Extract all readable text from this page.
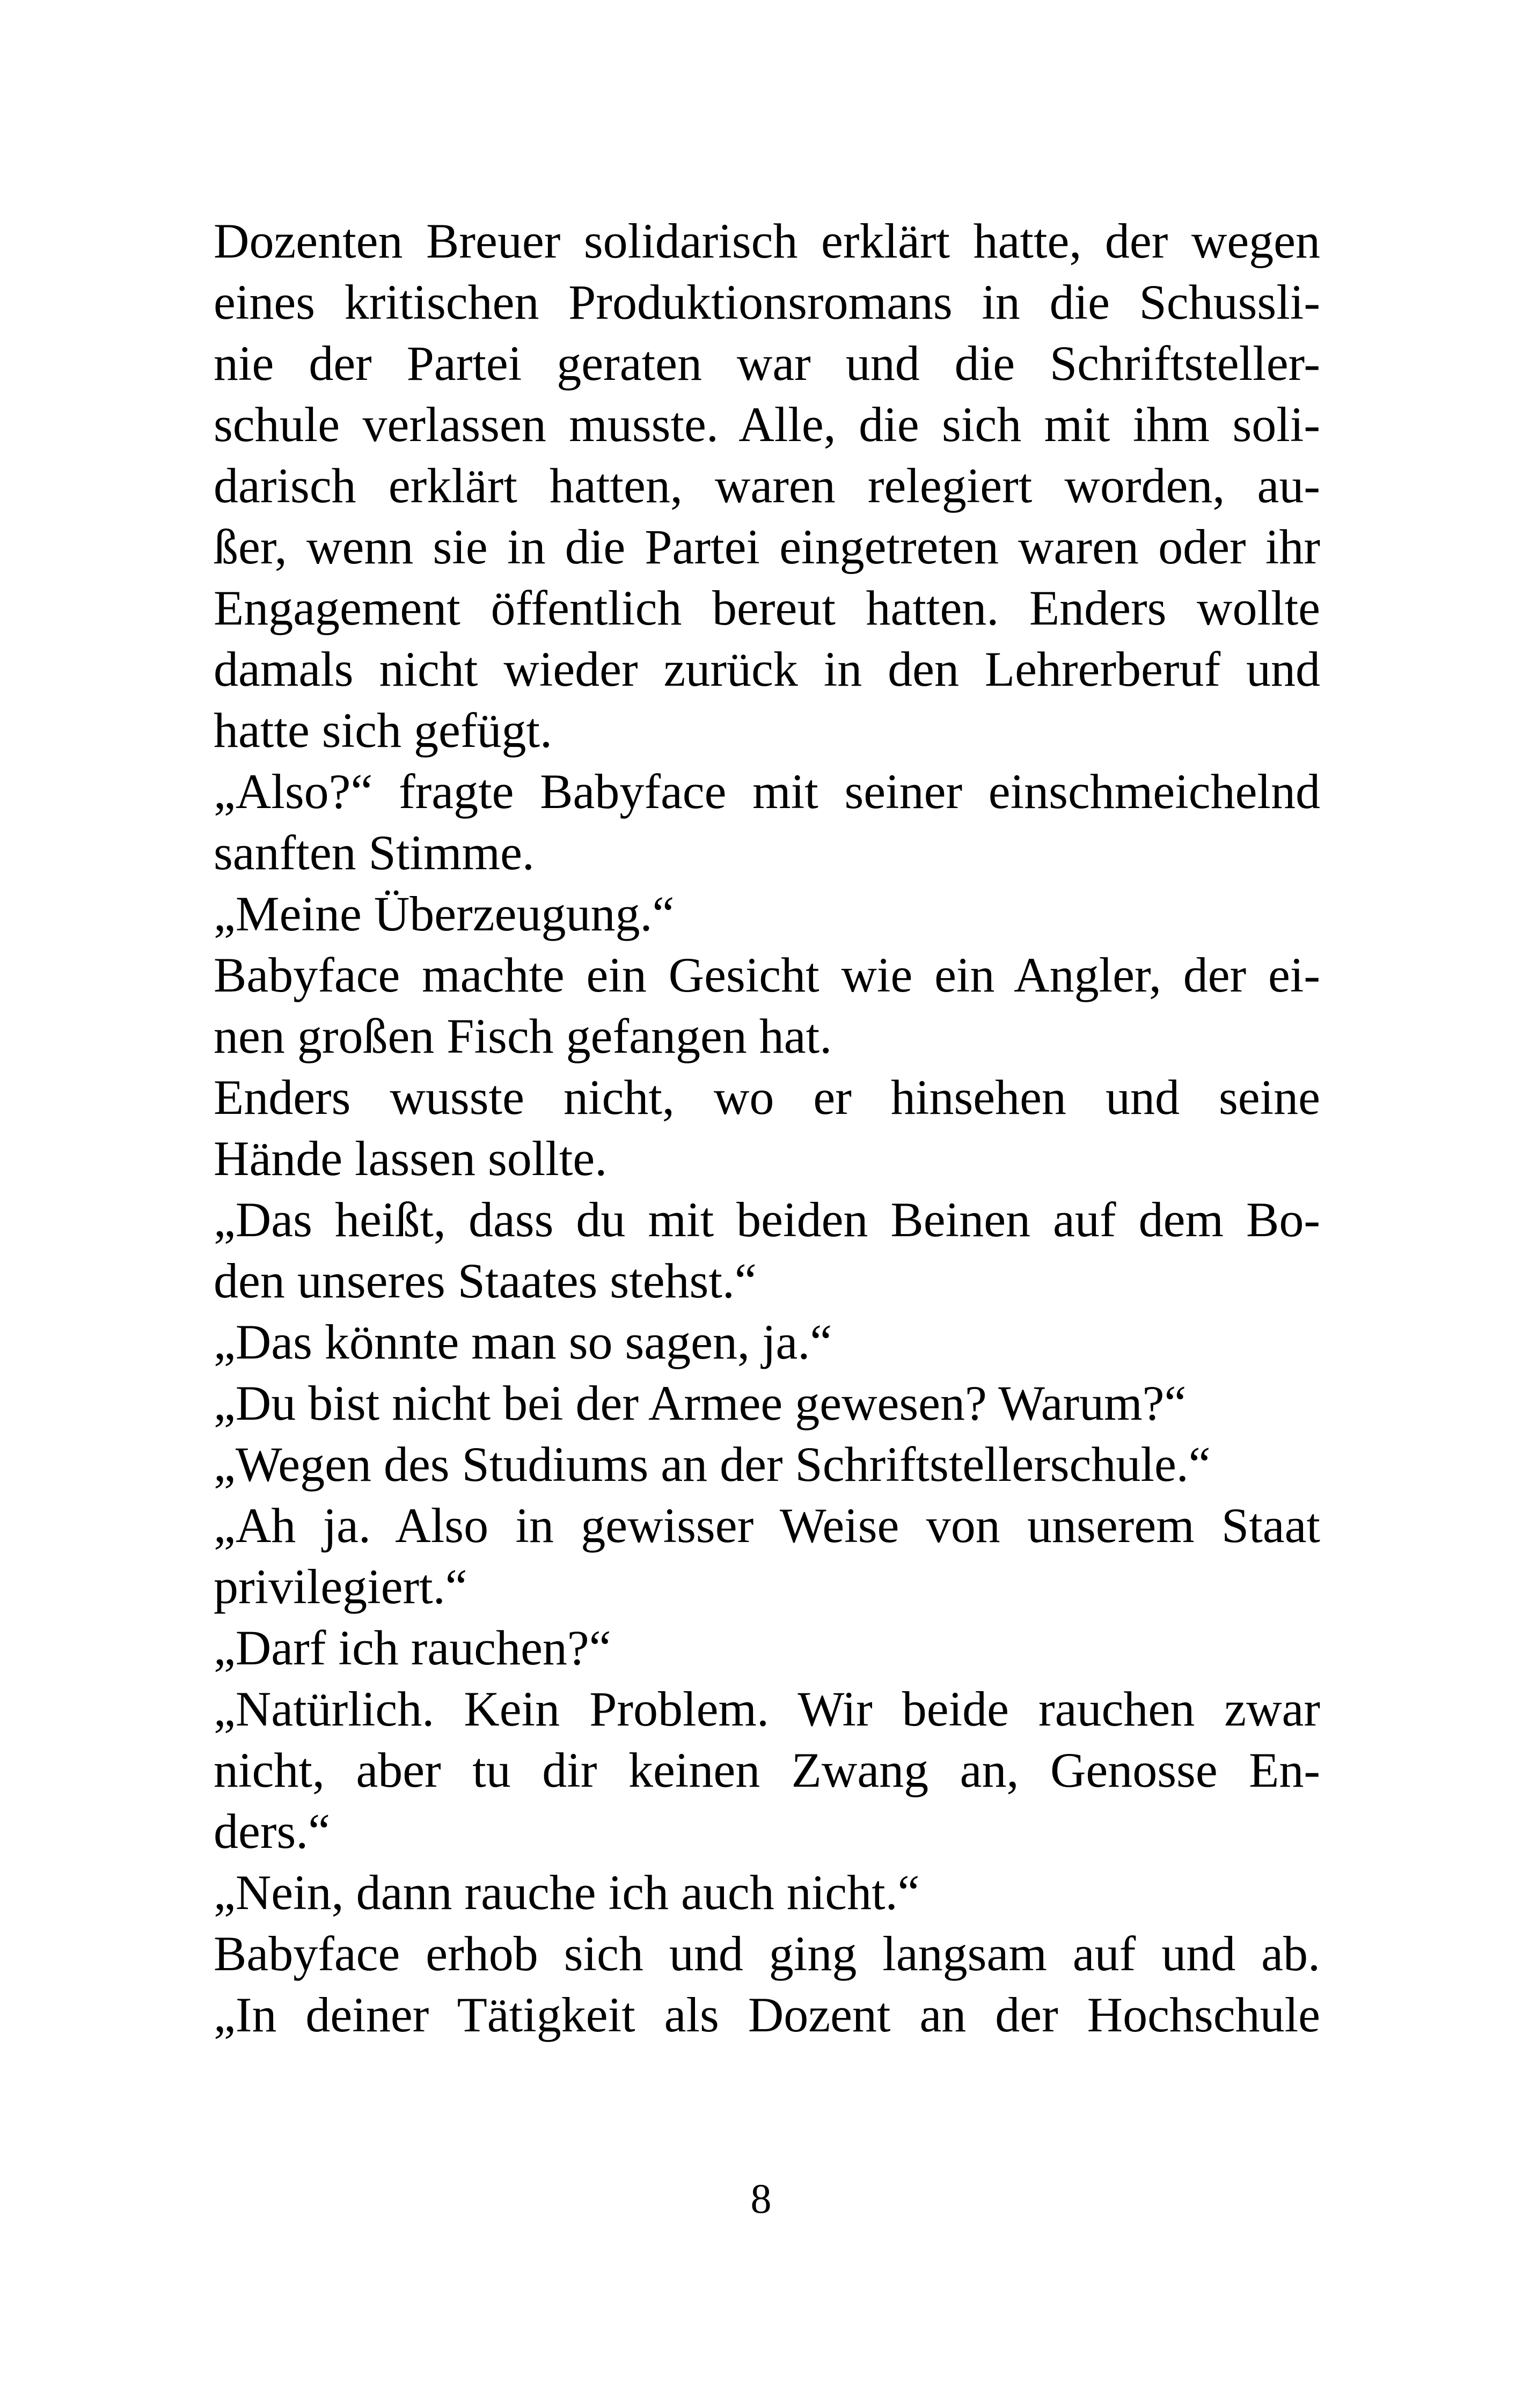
Dozenten Breuer solidarisch erklärt hatte, der wegen
eines kritischen Produktionsromans in die Schussli-
nie der Partei geraten war und die Schriftsteller-
schule verlassen musste. Alle, die sich mit ihm soli-
darisch erklärt hatten, waren relegiert worden, au-
ßer, wenn sie in die Partei eingetreten waren oder ihr
Engagement öffentlich bereut hatten. Enders wollte
damals nicht wieder zurück in den Lehrerberuf und
hatte sich gefügt.
„Also?“ fragte Babyface mit seiner einschmeichelnd
sanften Stimme.
„Meine Überzeugung.“
Babyface machte ein Gesicht wie ein Angler, der ei-
nen großen Fisch gefangen hat.
Enders wusste nicht, wo er hinsehen und seine
Hände lassen sollte.
„Das heißt, dass du mit beiden Beinen auf dem Bo-
den unseres Staates stehst.“
„Das könnte man so sagen, ja.“
„Du bist nicht bei der Armee gewesen? Warum?“
„Wegen des Studiums an der Schriftstellerschule.“
„Ah ja. Also in gewisser Weise von unserem Staat
privilegiert.“
„Darf ich rauchen?“
„Natürlich. Kein Problem. Wir beide rauchen zwar
nicht, aber tu dir keinen Zwang an, Genosse En-
ders.“
„Nein, dann rauche ich auch nicht.“
Babyface erhob sich und ging langsam auf und ab.
„In deiner Tätigkeit als Dozent an der Hochschule
8
